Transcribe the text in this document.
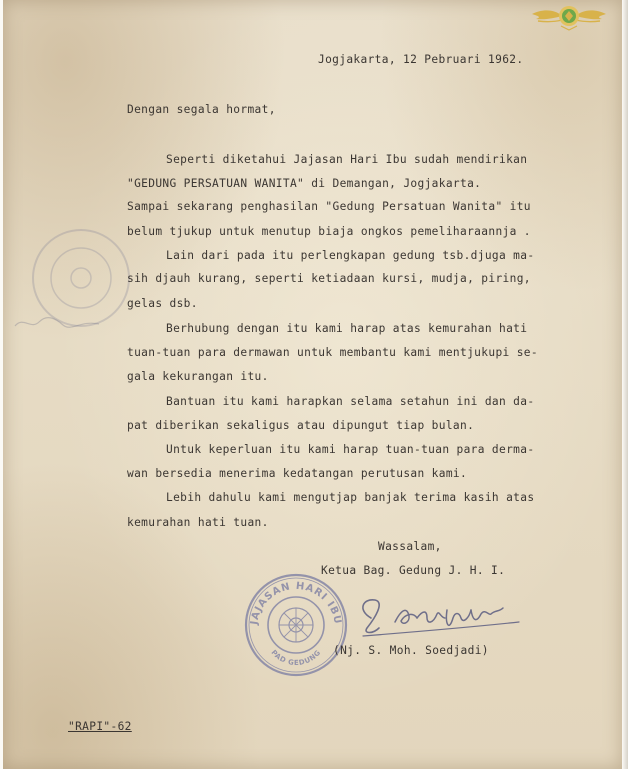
Jogjakarta, 12 Pebruari 1962.
Dengan segala hormat,
Seperti diketahui Jajasan Hari Ibu sudah mendirikan
"GEDUNG PERSATUAN WANITA" di Demangan, Jogjakarta.
Sampai sekarang penghasilan "Gedung Persatuan Wanita" itu
belum tjukup untuk menutup biaja ongkos pemeliharaannja .
Lain dari pada itu perlengkapan gedung tsb.djuga ma-
sih djauh kurang, seperti ketiadaan kursi, mudja, piring,
gelas dsb.
Berhubung dengan itu kami harap atas kemurahan hati
tuan-tuan para dermawan untuk membantu kami mentjukupi se-
gala kekurangan itu.
Bantuan itu kami harapkan selama setahun ini dan da-
pat diberikan sekaligus atau dipungut tiap bulan.
Untuk keperluan itu kami harap tuan-tuan para derma-
wan bersedia menerima kedatangan perutusan kami.
Lebih dahulu kami mengutjap banjak terima kasih atas
kemurahan hati tuan.
Wassalam,
Ketua Bag. Gedung J. H. I.
JAJASAN HARI IBU
PAD GEDUNG (Nj. S. Moh. Soedjadi)
"RAPI"-62
